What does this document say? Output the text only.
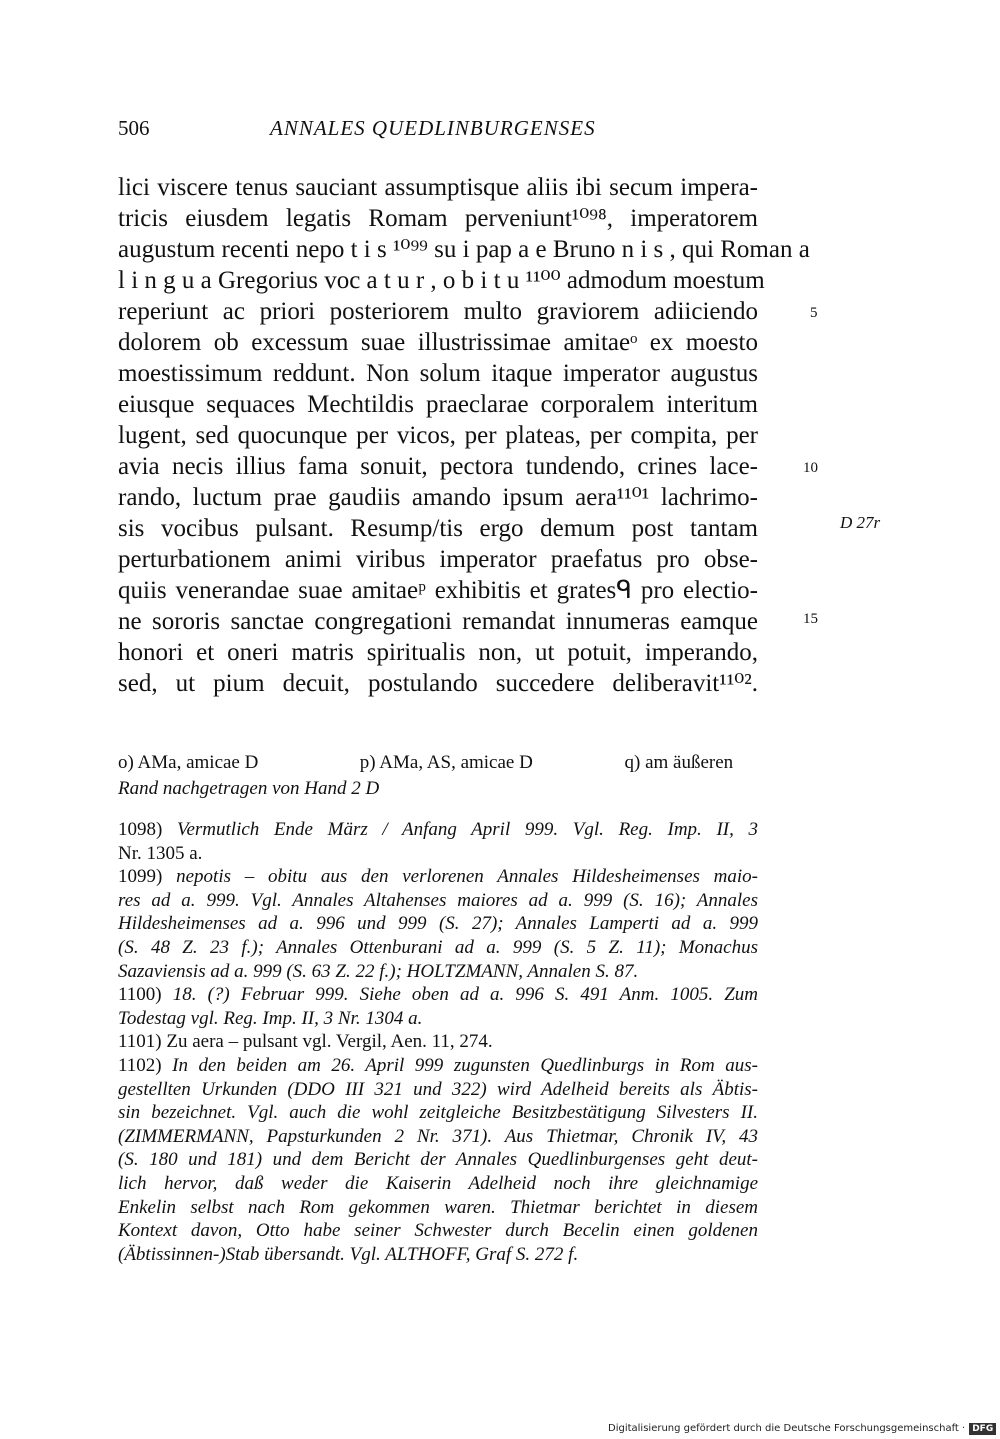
506	ANNALES QUEDLINBURGENSES
lici viscere tenus sauciant assumptisque aliis ibi secum impera-
tricis eiusdem legatis Romam perveniunt¹⁰⁹⁸, imperatorem
augustum recenti nepo t i s ¹⁰⁹⁹ su i pap a e Bruno n i s , qui Roman a
l i n g u a Gregorius voc a t u r , o b i t u ¹¹⁰⁰ admodum moestum
reperiunt ac priori posteriorem multo graviorem adiiciendo
dolorem ob excessum suae illustrissimae amitaeᵒ ex moesto
moestissimum reddunt. Non solum itaque imperator augustus
eiusque sequaces Mechtildis praeclarae corporalem interitum
lugent, sed quocunque per vicos, per plateas, per compita, per
avia necis illius fama sonuit, pectora tundendo, crines lace-
rando, luctum prae gaudiis amando ipsum aera¹¹⁰¹ lachrimo-
sis vocibus pulsant. Resump/tis ergo demum post tantam
perturbationem animi viribus imperator praefatus pro obse-
quiis venerandae suae amitaeᵖ exhibitis et gratesᑫ pro electio-
ne sororis sanctae congregationi remandat innumeras eamque
honori et oneri matris spiritualis non, ut potuit, imperando,
sed, ut pium decuit, postulando succedere deliberavit¹¹⁰².
5
10
15
D 27r
o) AMa, amicae D	p) AMa, AS, amicae D	q) am äußeren
Rand nachgetragen von Hand 2 D
1098) Vermutlich Ende März / Anfang April 999. Vgl. Reg. Imp. II, 3
Nr. 1305 a.
1099) nepotis – obitu aus den verlorenen Annales Hildesheimenses maio-
res ad a. 999. Vgl. Annales Altahenses maiores ad a. 999 (S. 16); Annales
Hildesheimenses ad a. 996 und 999 (S. 27); Annales Lamperti ad a. 999
(S. 48 Z. 23 f.); Annales Ottenburani ad a. 999 (S. 5 Z. 11); Monachus
Sazaviensis ad a. 999 (S. 63 Z. 22 f.); HOLTZMANN, Annalen S. 87.
1100) 18. (?) Februar 999. Siehe oben ad a. 996 S. 491 Anm. 1005. Zum
Todestag vgl. Reg. Imp. II, 3 Nr. 1304 a.
1101) Zu aera – pulsant vgl. Vergil, Aen. 11, 274.
1102) In den beiden am 26. April 999 zugunsten Quedlinburgs in Rom aus-
gestellten Urkunden (DDO III 321 und 322) wird Adelheid bereits als Äbtis-
sin bezeichnet. Vgl. auch die wohl zeitgleiche Besitzbestätigung Silvesters II.
(ZIMMERMANN, Papsturkunden 2 Nr. 371). Aus Thietmar, Chronik IV, 43
(S. 180 und 181) und dem Bericht der Annales Quedlinburgenses geht deut-
lich hervor, daß weder die Kaiserin Adelheid noch ihre gleichnamige
Enkelin selbst nach Rom gekommen waren. Thietmar berichtet in diesem
Kontext davon, Otto habe seiner Schwester durch Becelin einen goldenen
(Äbtissinnen-)Stab übersandt. Vgl. ALTHOFF, Graf S. 272 f.
Digitalisierung gefördert durch die Deutsche Forschungsgemeinschaft · DFG
